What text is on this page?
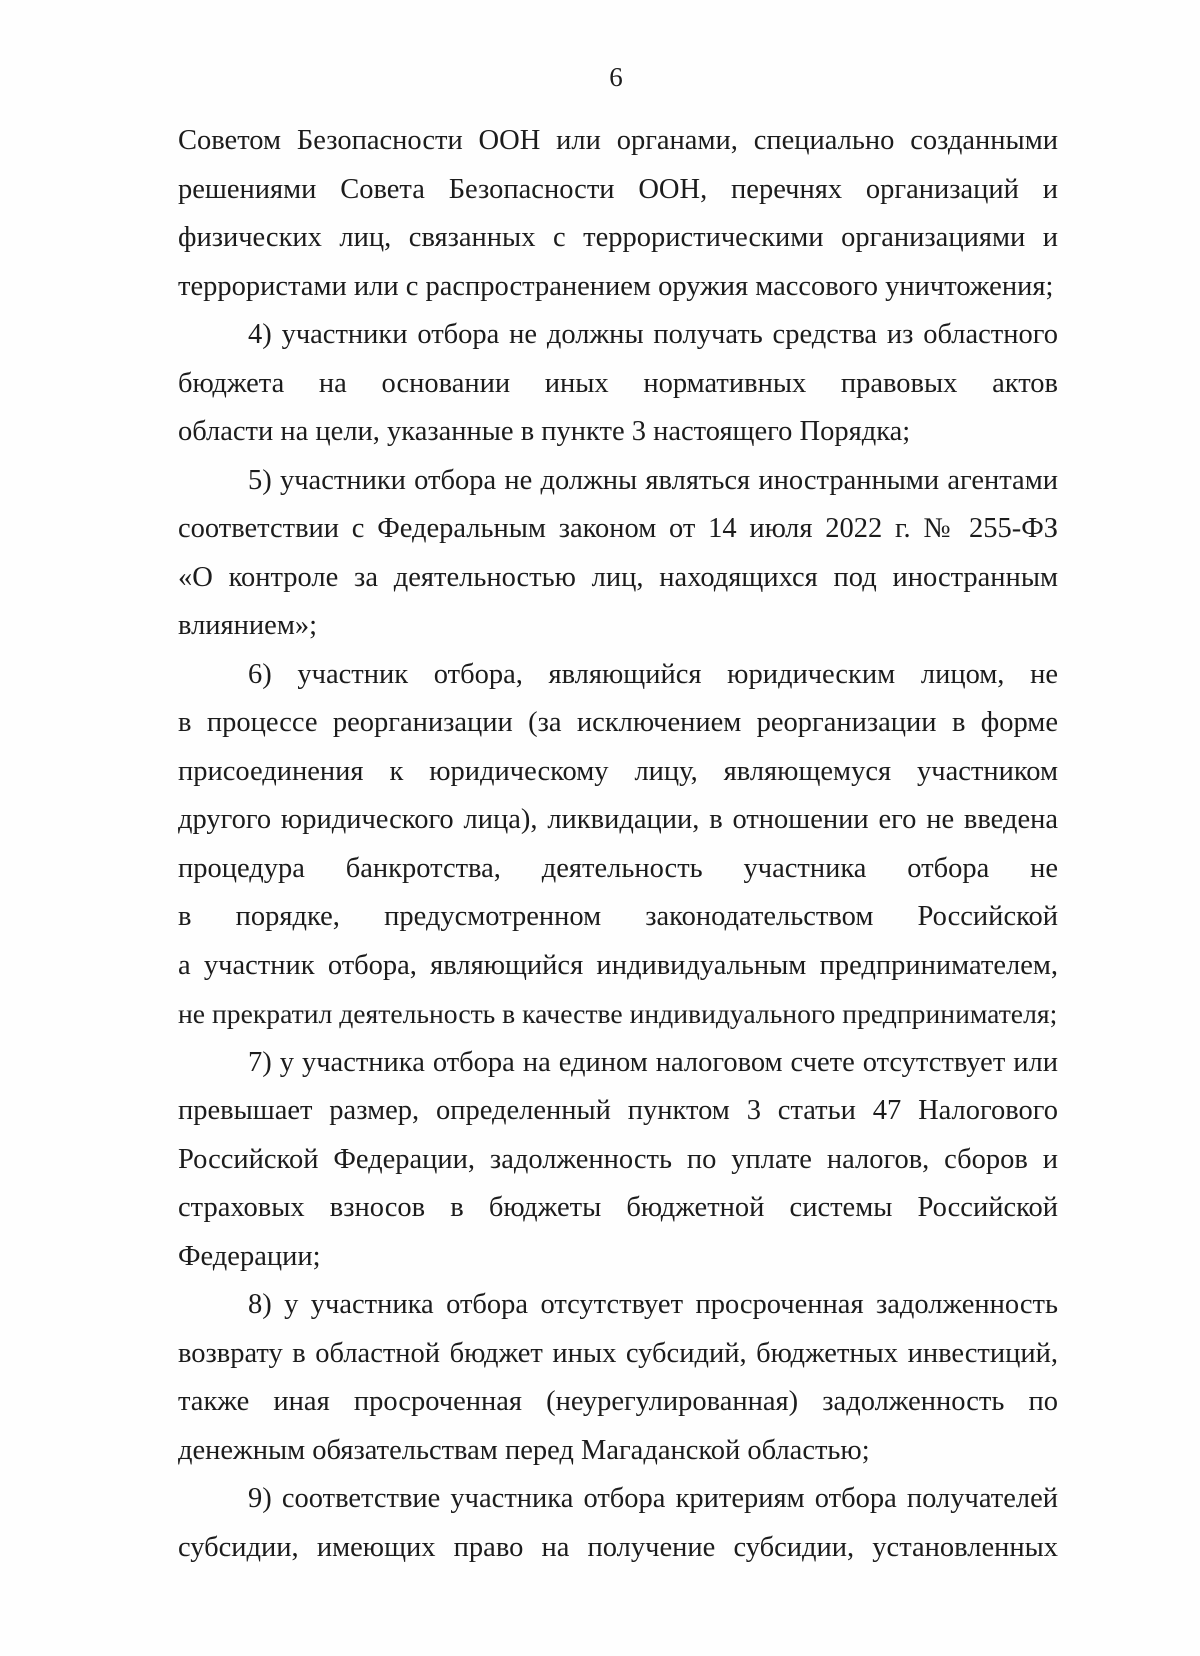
6
Советом Безопасности ООН или органами, специально созданными
решениями Совета Безопасности ООН, перечнях организаций и
физических лиц, связанных с террористическими организациями и
террористами или с распространением оружия массового уничтожения;
4) участники отбора не должны получать средства из областного
бюджета на основании иных нормативных правовых актов
области на цели, указанные в пункте 3 настоящего Порядка;
5) участники отбора не должны являться иностранными агентами
соответствии с Федеральным законом от 14 июля 2022 г. № 255-ФЗ
«О контроле за деятельностью лиц, находящихся под иностранным
влиянием»;
6) участник отбора, являющийся юридическим лицом, не
в процессе реорганизации (за исключением реорганизации в форме
присоединения к юридическому лицу, являющемуся участником
другого юридического лица), ликвидации, в отношении его не введена
процедура банкротства, деятельность участника отбора не
в порядке, предусмотренном законодательством Российской
а участник отбора, являющийся индивидуальным предпринимателем,
не прекратил деятельность в качестве индивидуального предпринимателя;
7) у участника отбора на едином налоговом счете отсутствует или
превышает размер, определенный пунктом 3 статьи 47 Налогового
Российской Федерации, задолженность по уплате налогов, сборов и
страховых взносов в бюджеты бюджетной системы Российской
Федерации;
8) у участника отбора отсутствует просроченная задолженность
возврату в областной бюджет иных субсидий, бюджетных инвестиций,
также иная просроченная (неурегулированная) задолженность по
денежным обязательствам перед Магаданской областью;
9) соответствие участника отбора критериям отбора получателей
субсидии, имеющих право на получение субсидии, установленных
